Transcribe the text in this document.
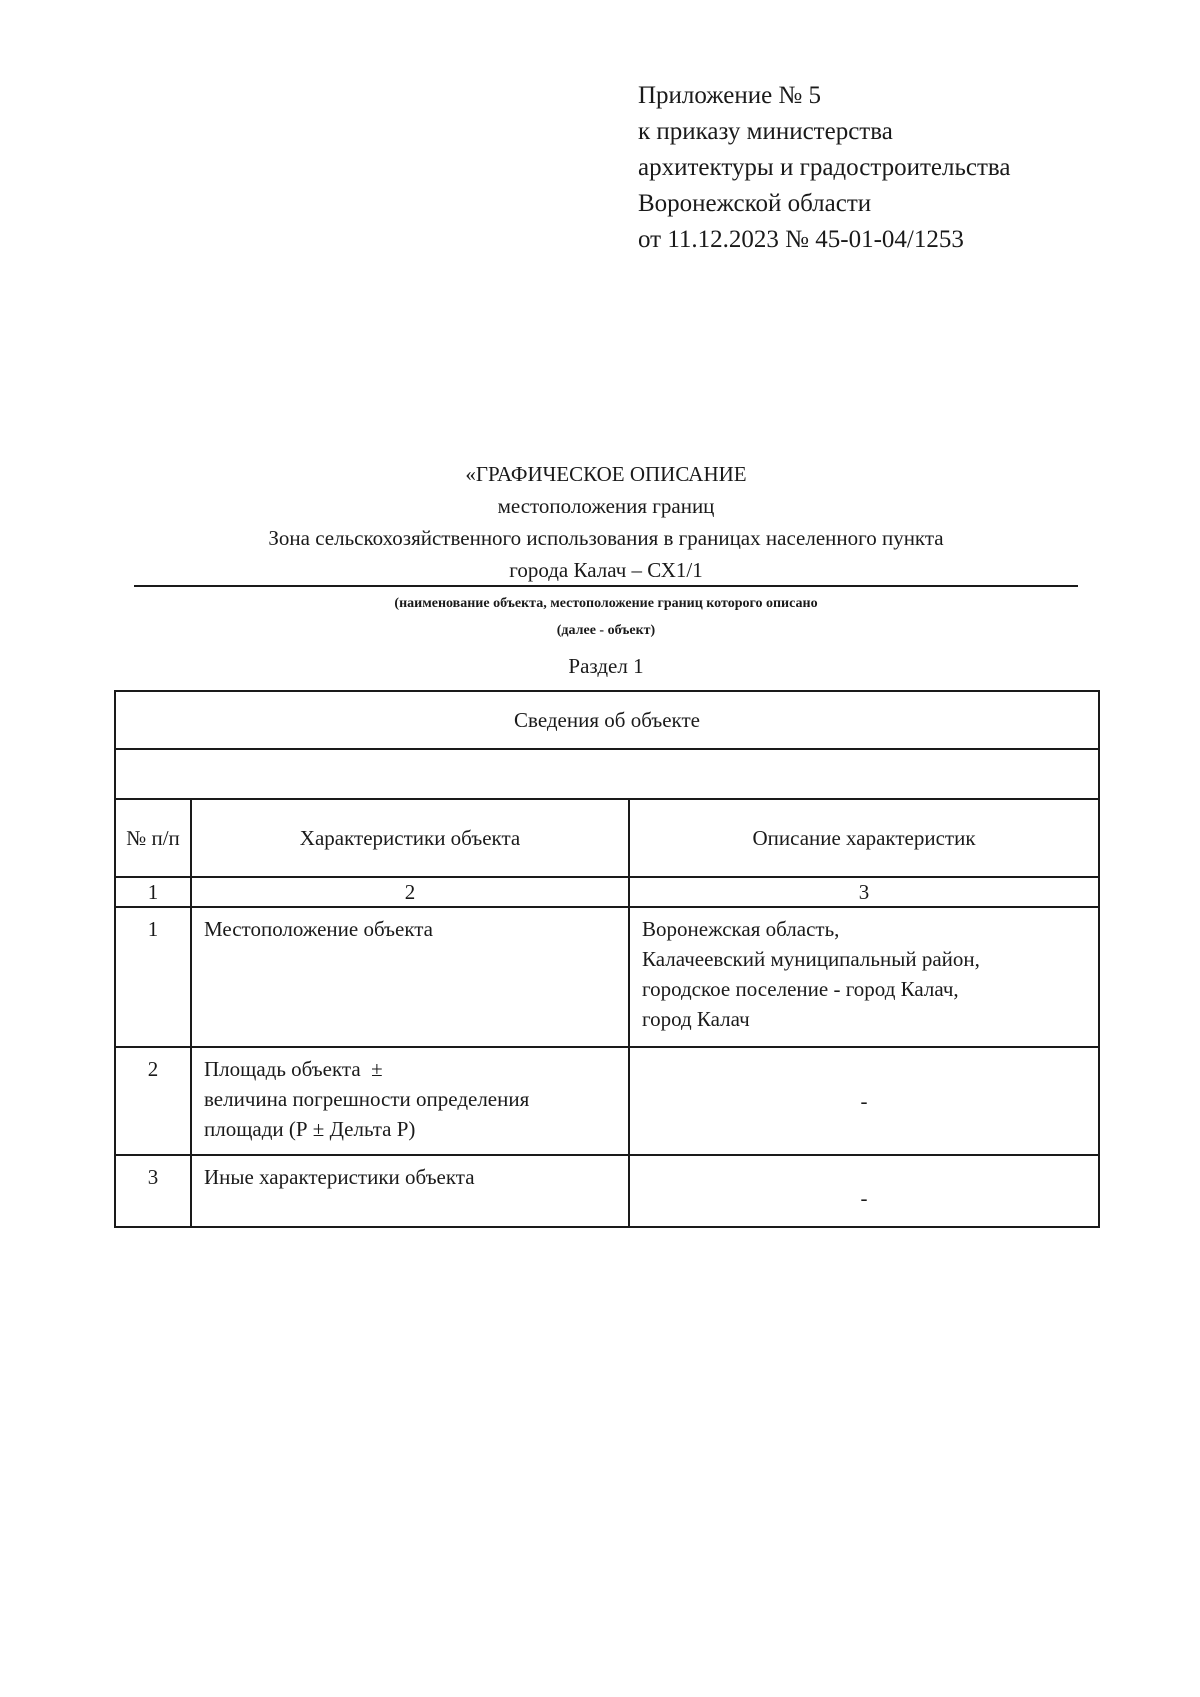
Приложение № 5
к приказу министерства
архитектуры и градостроительства
Воронежской области
от 11.12.2023 № 45-01-04/1253
«ГРАФИЧЕСКОЕ ОПИСАНИЕ
местоположения границ
Зона сельскохозяйственного использования в границах населенного пункта
города Калач – СХ1/1
(наименование объекта, местоположение границ которого описано
(далее - объект)
Раздел 1
Сведения об объекте		

№ п/п	Характеристики объекта	Описание характеристик
1	2	3
1	Местоположение объекта	Воронежская область,
Калачеевский муниципальный район,
городское поселение - город Калач,
город Калач

2	Площадь объекта  ±
величина погрешности определения
площади (Р ± Дельта Р)	-
3	Иные характеристики объекта	-
